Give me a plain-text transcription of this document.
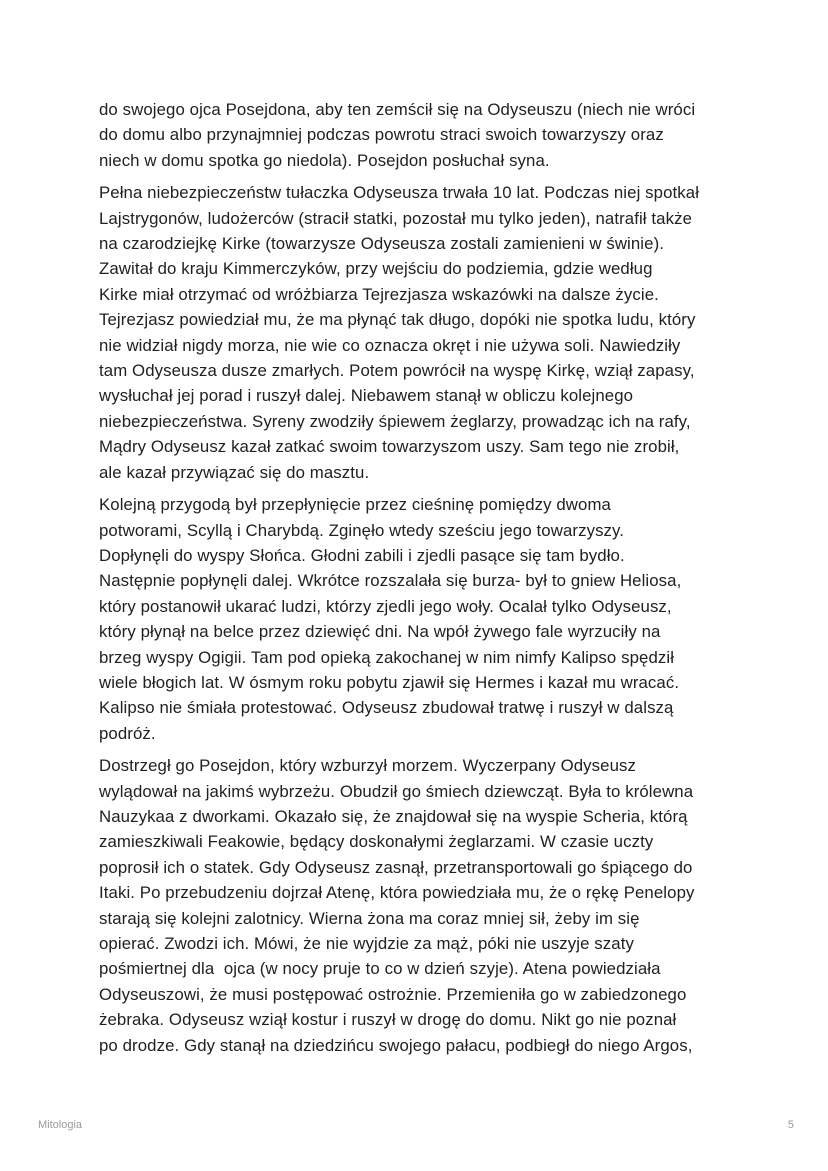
do swojego ojca Posejdona, aby ten zemścił się na Odyseuszu (niech nie wróci
do domu albo przynajmniej podczas powrotu straci swoich towarzyszy oraz
niech w domu spotka go niedola). Posejdon posłuchał syna.
Pełna niebezpieczeństw tułaczka Odyseusza trwała 10 lat. Podczas niej spotkał
Lajstrygonów, ludożerców (stracił statki, pozostał mu tylko jeden), natrafił także
na czarodziejkę Kirke (towarzysze Odyseusza zostali zamienieni w świnie).
Zawitał do kraju Kimmerczyków, przy wejściu do podziemia, gdzie według
Kirke miał otrzymać od wróżbiarza Tejrezjasza wskazówki na dalsze życie.
Tejrezjasz powiedział mu, że ma płynąć tak długo, dopóki nie spotka ludu, który
nie widział nigdy morza, nie wie co oznacza okręt i nie używa soli. Nawiedziły
tam Odyseusza dusze zmarłych. Potem powrócił na wyspę Kirkę, wziął zapasy,
wysłuchał jej porad i ruszył dalej. Niebawem stanął w obliczu kolejnego
niebezpieczeństwa. Syreny zwodziły śpiewem żeglarzy, prowadząc ich na rafy,
Mądry Odyseusz kazał zatkać swoim towarzyszom uszy. Sam tego nie zrobił,
ale kazał przywiązać się do masztu.
Kolejną przygodą był przepłynięcie przez cieśninę pomiędzy dwoma
potworami, Scyllą i Charybdą. Zginęło wtedy sześciu jego towarzyszy.
Dopłynęli do wyspy Słońca. Głodni zabili i zjedli pasące się tam bydło.
Następnie popłynęli dalej. Wkrótce rozszalała się burza- był to gniew Heliosa,
który postanowił ukarać ludzi, którzy zjedli jego woły. Ocalał tylko Odyseusz,
który płynął na belce przez dziewięć dni. Na wpół żywego fale wyrzuciły na
brzeg wyspy Ogigii. Tam pod opieką zakochanej w nim nimfy Kalipso spędził
wiele błogich lat. W ósmym roku pobytu zjawił się Hermes i kazał mu wracać.
Kalipso nie śmiała protestować. Odyseusz zbudował tratwę i ruszył w dalszą
podróż.
Dostrzegł go Posejdon, który wzburzył morzem. Wyczerpany Odyseusz
wylądował na jakimś wybrzeżu. Obudził go śmiech dziewcząt. Była to królewna
Nauzykaa z dworkami. Okazało się, że znajdował się na wyspie Scheria, którą
zamieszkiwali Feakowie, będący doskonałymi żeglarzami. W czasie uczty
poprosił ich o statek. Gdy Odyseusz zasnął, przetransportowali go śpiącego do
Itaki. Po przebudzeniu dojrzał Atenę, która powiedziała mu, że o rękę Penelopy
starają się kolejni zalotnicy. Wierna żona ma coraz mniej sił, żeby im się
opierać. Zwodzi ich. Mówi, że nie wyjdzie za mąż, póki nie uszyje szaty
pośmiertnej dla  ojca (w nocy pruje to co w dzień szyje). Atena powiedziała
Odyseuszowi, że musi postępować ostrożnie. Przemieniła go w zabiedzonego
żebraka. Odyseusz wziął kostur i ruszył w drogę do domu. Nikt go nie poznał
po drodze. Gdy stanął na dziedzińcu swojego pałacu, podbiegł do niego Argos,
Mitologia	5
